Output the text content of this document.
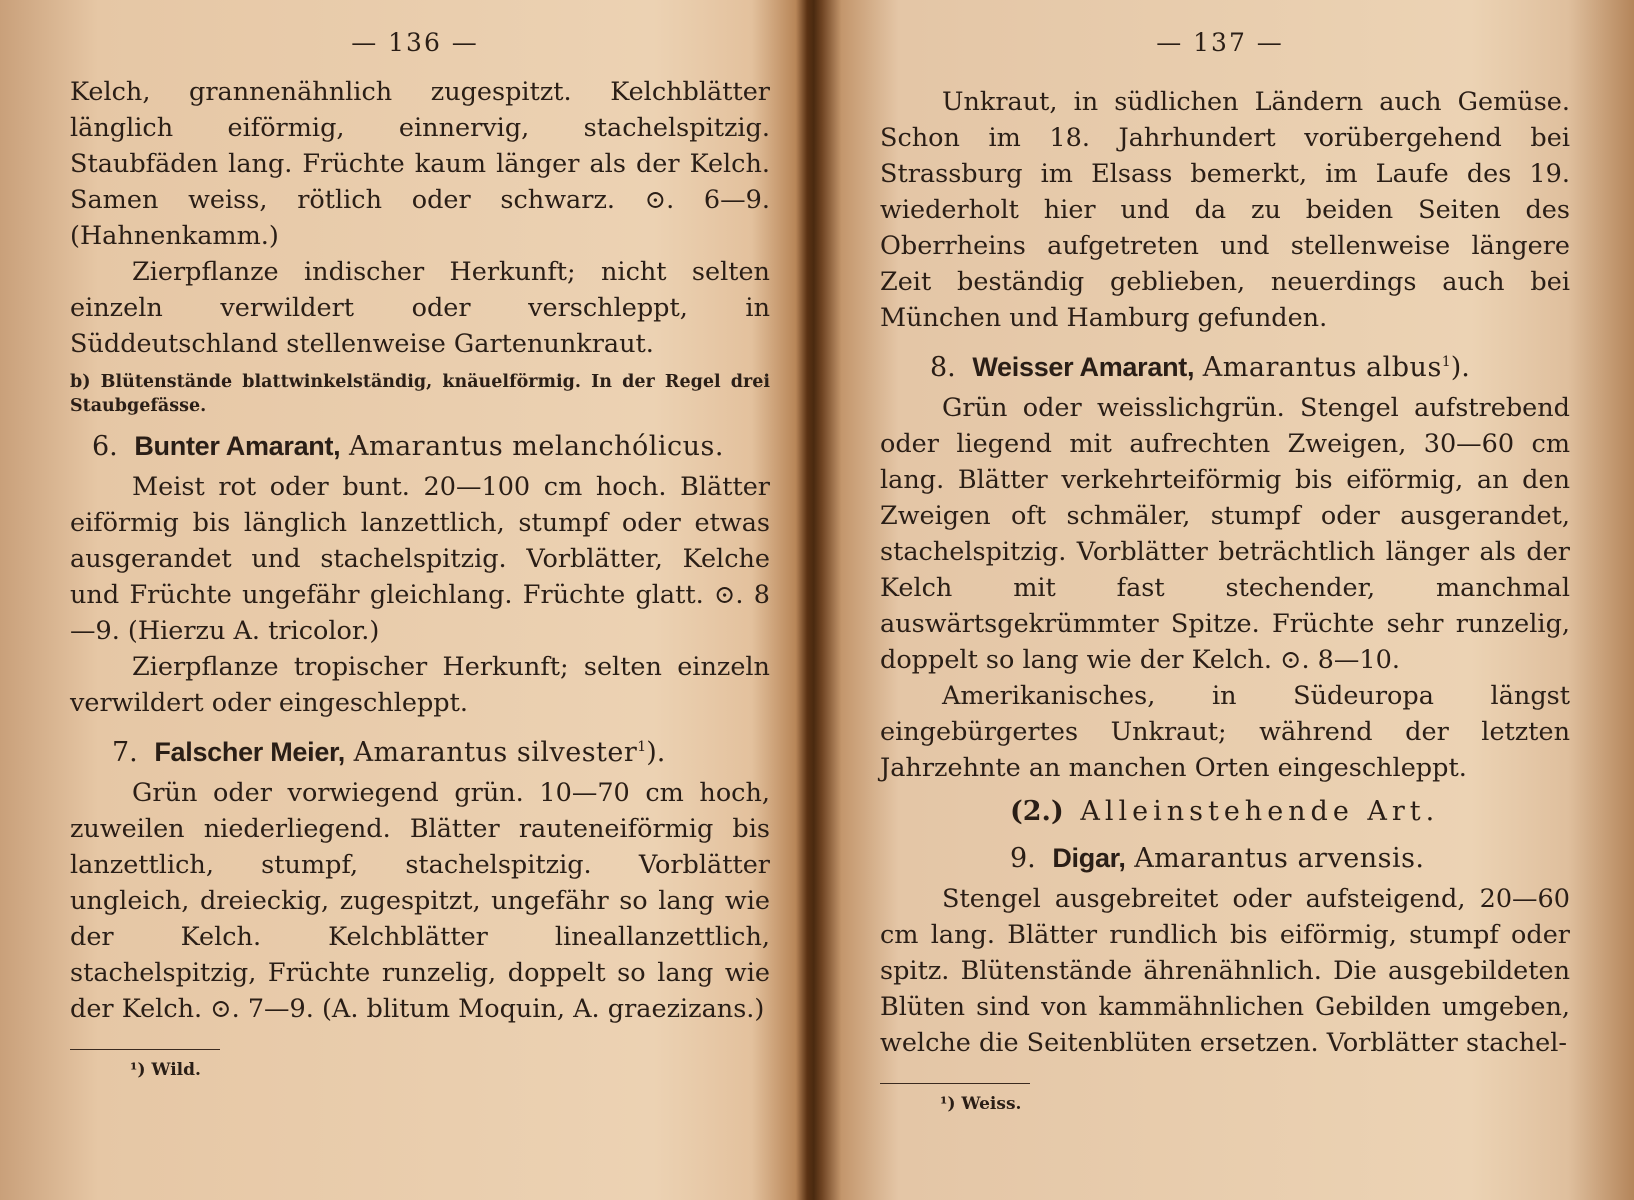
— 136 —

Kelch, grannenähnlich zugespitzt. Kelchblätter länglich eiförmig, einnervig, stachelspitzig. Staubfäden lang. Früchte kaum länger als der Kelch. Samen weiss, rötlich oder schwarz. ⊙. 6—9. (Hahnenkamm.)

Zierpflanze indischer Herkunft; nicht selten einzeln verwildert oder verschleppt, in Süddeutschland stellenweise Gartenunkraut.

b) Blütenstände blattwinkelständig, knäuelförmig. In der Regel drei Staubgefässe.

6. Bunter Amarant, Amarantus melanchólicus.

Meist rot oder bunt. 20—100 cm hoch. Blätter eiförmig bis länglich lanzettlich, stumpf oder etwas ausgerandet und stachelspitzig. Vorblätter, Kelche und Früchte ungefähr gleichlang. Früchte glatt. ⊙. 8—9. (Hierzu A. tricolor.)

Zierpflanze tropischer Herkunft; selten einzeln verwildert oder eingeschleppt.

7. Falscher Meier, Amarantus silvester$^1$).

Grün oder vorwiegend grün. 10—70 cm hoch, zuweilen niederliegend. Blätter rauteneiförmig bis lanzettlich, stumpf, stachelspitzig. Vorblätter ungleich, dreieckig, zugespitzt, ungefähr so lang wie der Kelch. Kelchblätter lineallanzettlich, stachelspitzig, Früchte runzelig, doppelt so lang wie der Kelch. ⊙. 7—9. (A. blitum Moquin, A. graezizans.)

¹) Wild.
— 137 —

Unkraut, in südlichen Ländern auch Gemüse. Schon im 18. Jahrhundert vorübergehend bei Strassburg im Elsass bemerkt, im Laufe des 19. wiederholt hier und da zu beiden Seiten des Oberrheins aufgetreten und stellenweise längere Zeit beständig geblieben, neuerdings auch bei München und Hamburg gefunden.

8. Weisser Amarant, Amarantus albus$^1$).

Grün oder weisslichgrün. Stengel aufstrebend oder liegend mit aufrechten Zweigen, 30—60 cm lang. Blätter verkehrteiförmig bis eiförmig, an den Zweigen oft schmäler, stumpf oder ausgerandet, stachelspitzig. Vorblätter beträchtlich länger als der Kelch mit fast stechender, manchmal auswärtsgekrümmter Spitze. Früchte sehr runzelig, doppelt so lang wie der Kelch. ⊙. 8—10.

Amerikanisches, in Südeuropa längst eingebürgertes Unkraut; während der letzten Jahrzehnte an manchen Orten eingeschleppt.

(2.) Alleinstehende Art.
9. Digar, Amarantus arvensis.

Stengel ausgebreitet oder aufsteigend, 20—60 cm lang. Blätter rundlich bis eiförmig, stumpf oder spitz. Blütenstände ährenähnlich. Die ausgebildeten Blüten sind von kammähnlichen Gebilden umgeben, welche die Seitenblüten ersetzen. Vorblätter stachel-

¹) Weiss.
